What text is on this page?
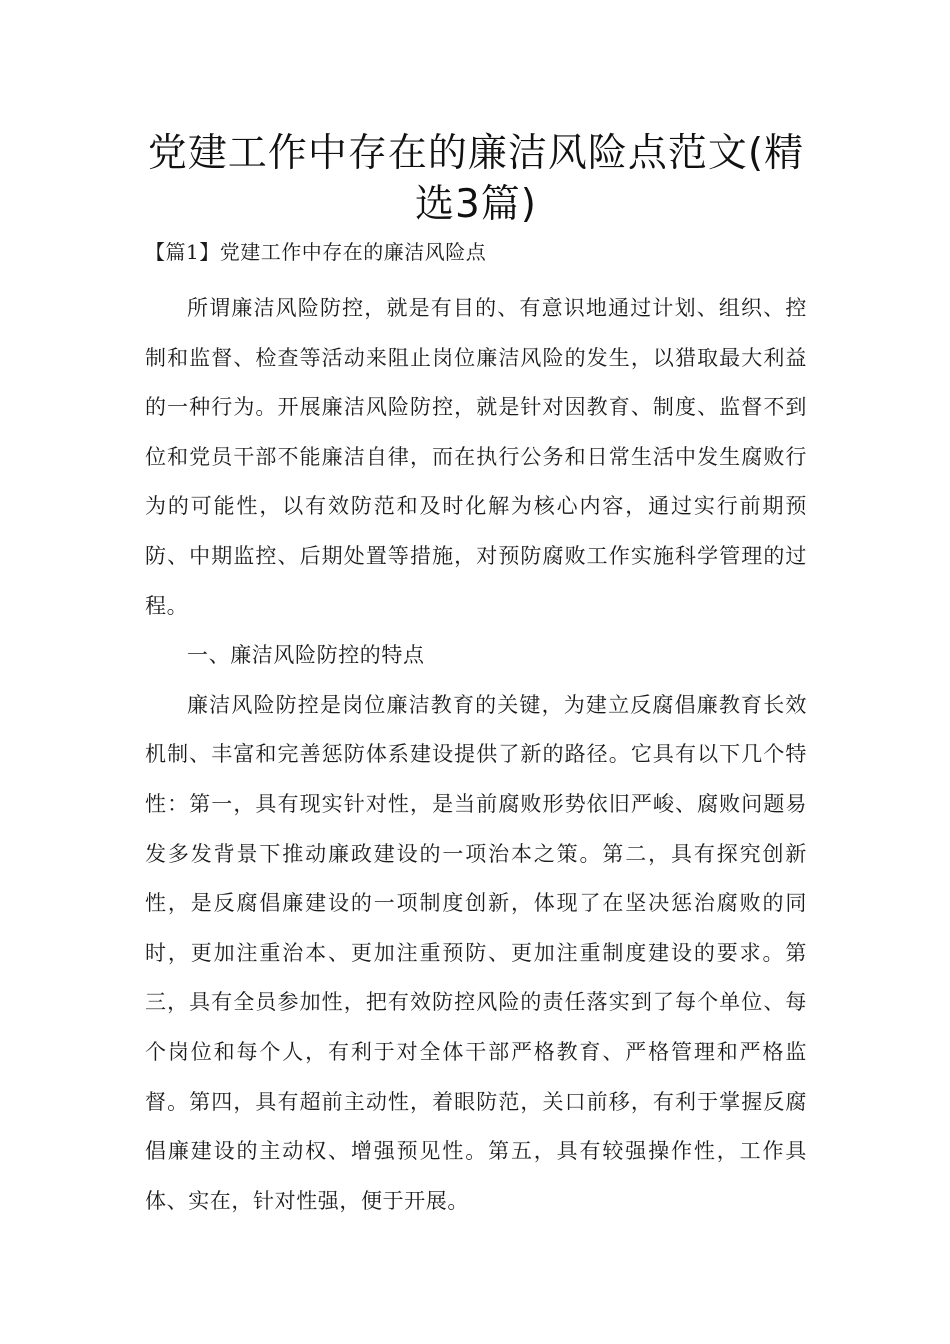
党建工作中存在的廉洁风险点范文(精选3篇)
【篇1】党建工作中存在的廉洁风险点

所谓廉洁风险防控，就是有目的、有意识地通过计划、组织、控制和监督、检查等活动来阻止岗位廉洁风险的发生，以猎取最大利益的一种行为。开展廉洁风险防控，就是针对因教育、制度、监督不到位和党员干部不能廉洁自律，而在执行公务和日常生活中发生腐败行为的可能性，以有效防范和及时化解为核心内容，通过实行前期预防、中期监控、后期处置等措施，对预防腐败工作实施科学管理的过程。

一、廉洁风险防控的特点

廉洁风险防控是岗位廉洁教育的关键，为建立反腐倡廉教育长效机制、丰富和完善惩防体系建设提供了新的路径。它具有以下几个特性：第一，具有现实针对性，是当前腐败形势依旧严峻、腐败问题易发多发背景下推动廉政建设的一项治本之策。第二，具有探究创新性，是反腐倡廉建设的一项制度创新，体现了在坚决惩治腐败的同时，更加注重治本、更加注重预防、更加注重制度建设的要求。第三，具有全员参加性，把有效防控风险的责任落实到了每个单位、每个岗位和每个人，有利于对全体干部严格教育、严格管理和严格监督。第四，具有超前主动性，着眼防范，关口前移，有利于掌握反腐倡廉建设的主动权、增强预见性。第五，具有较强操作性，工作具体、实在，针对性强，便于开展。
